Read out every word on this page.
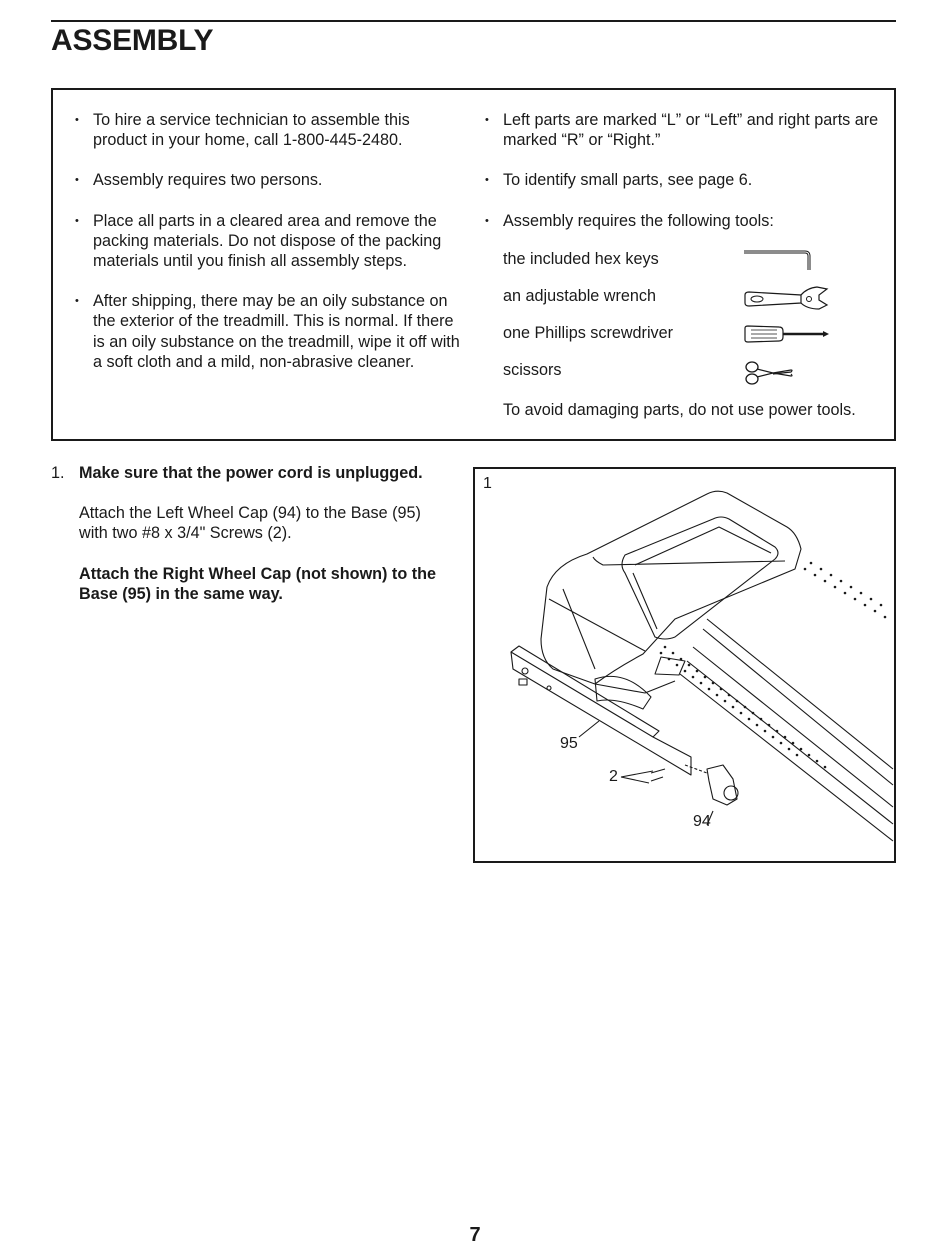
ASSEMBLY
• To hire a service technician to assemble this product in your home, call 1-800-445-2480.
• Assembly requires two persons.
• Place all parts in a cleared area and remove the packing materials. Do not dispose of the packing materials until you finish all assembly steps.
• After shipping, there may be an oily substance on the exterior of the treadmill. This is normal. If there is an oily substance on the treadmill, wipe it off with a soft cloth and a mild, non-abrasive cleaner.
• Left parts are marked “L” or “Left” and right parts are marked “R” or “Right.”
• To identify small parts, see page 6.
• Assembly requires the following tools:
the included hex keys
an adjustable wrench
one Phillips screwdriver
scissors
To avoid damaging parts, do not use power tools.
1. Make sure that the power cord is unplugged.

Attach the Left Wheel Cap (94) to the Base (95) with two #8 x 3/4" Screws (2).

Attach the Right Wheel Cap (not shown) to the Base (95) in the same way.

1
95
2
94
7
